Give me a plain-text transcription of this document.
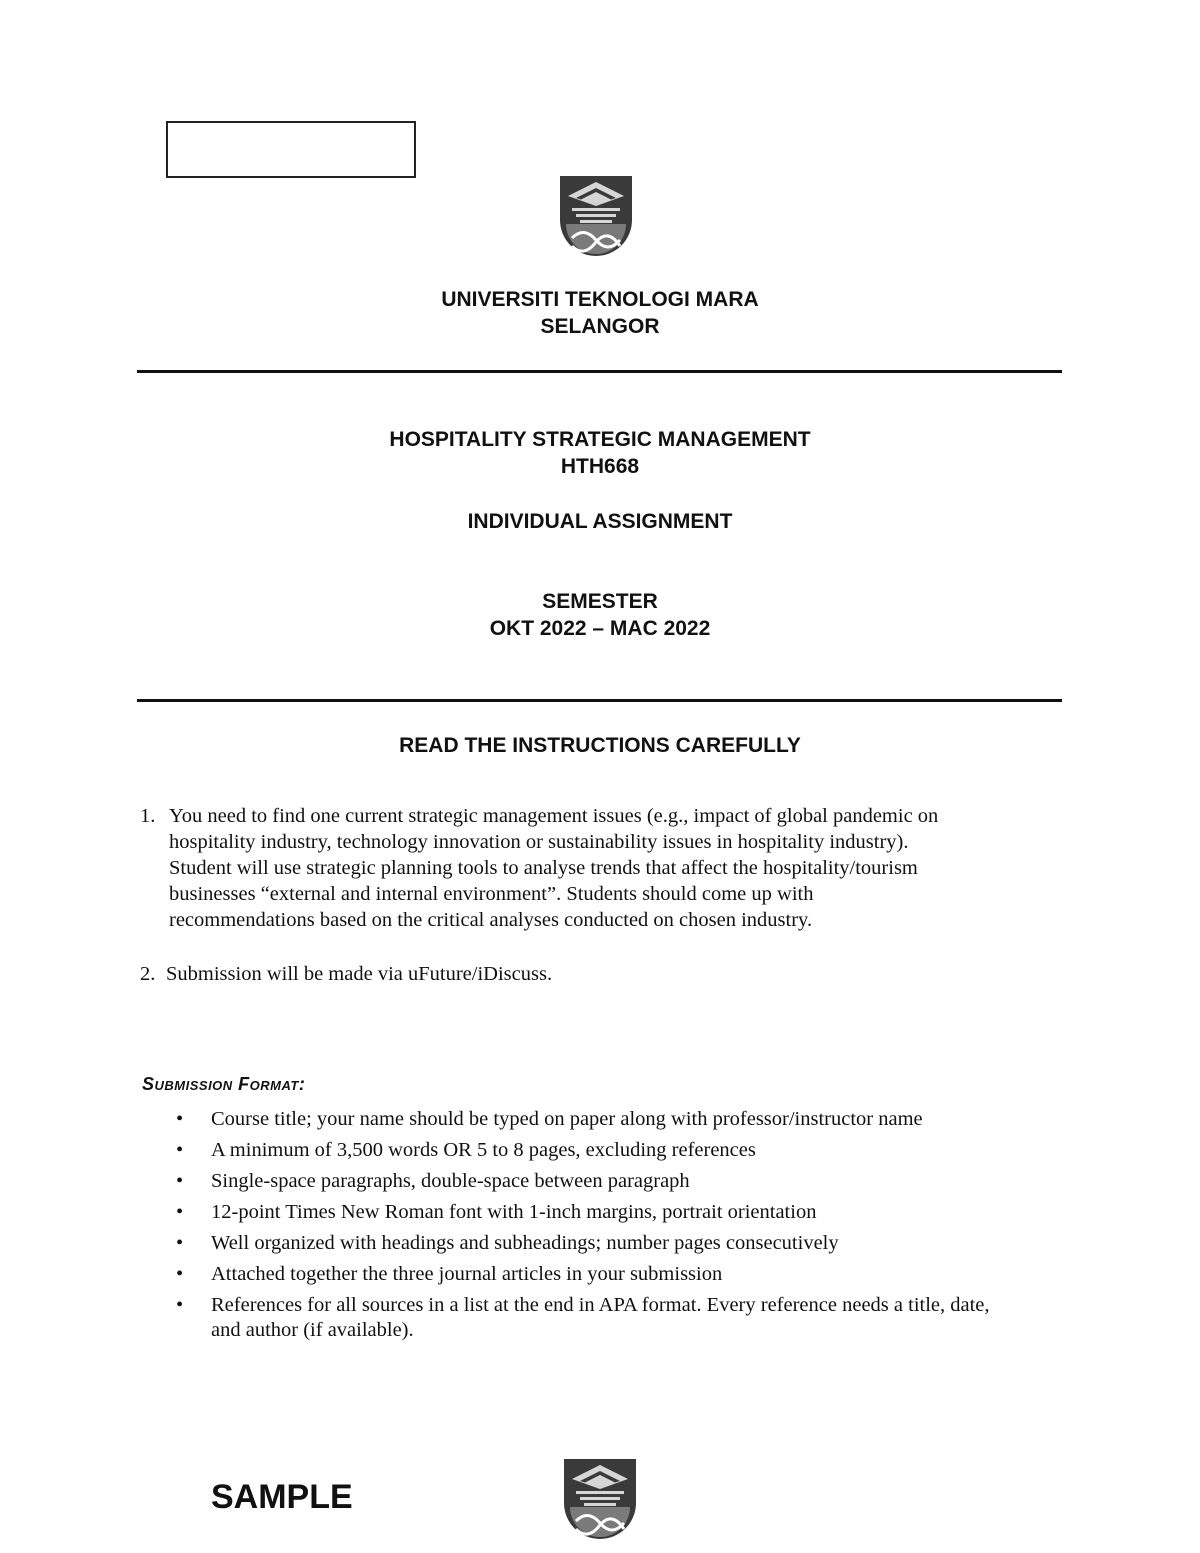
UNIVERSITI TEKNOLOGI MARA
SELANGOR
HOSPITALITY STRATEGIC MANAGEMENT
HTH668
INDIVIDUAL ASSIGNMENT
SEMESTER
OKT 2022 – MAC 2022
READ THE INSTRUCTIONS CAREFULLY
1. You need to find one current strategic management issues (e.g., impact of global pandemic on
hospitality industry, technology innovation or sustainability issues in hospitality industry).
Student will use strategic planning tools to analyse trends that affect the hospitality/tourism
businesses “external and internal environment”. Students should come up with
recommendations based on the critical analyses conducted on chosen industry.
2. Submission will be made via uFuture/iDiscuss.
Submission Format:
• Course title; your name should be typed on paper along with professor/instructor name
• A minimum of 3,500 words OR 5 to 8 pages, excluding references
• Single-space paragraphs, double-space between paragraph
• 12-point Times New Roman font with 1-inch margins, portrait orientation
• Well organized with headings and subheadings; number pages consecutively
• Attached together the three journal articles in your submission
• References for all sources in a list at the end in APA format. Every reference needs a title, date, and author (if available).
SAMPLE
